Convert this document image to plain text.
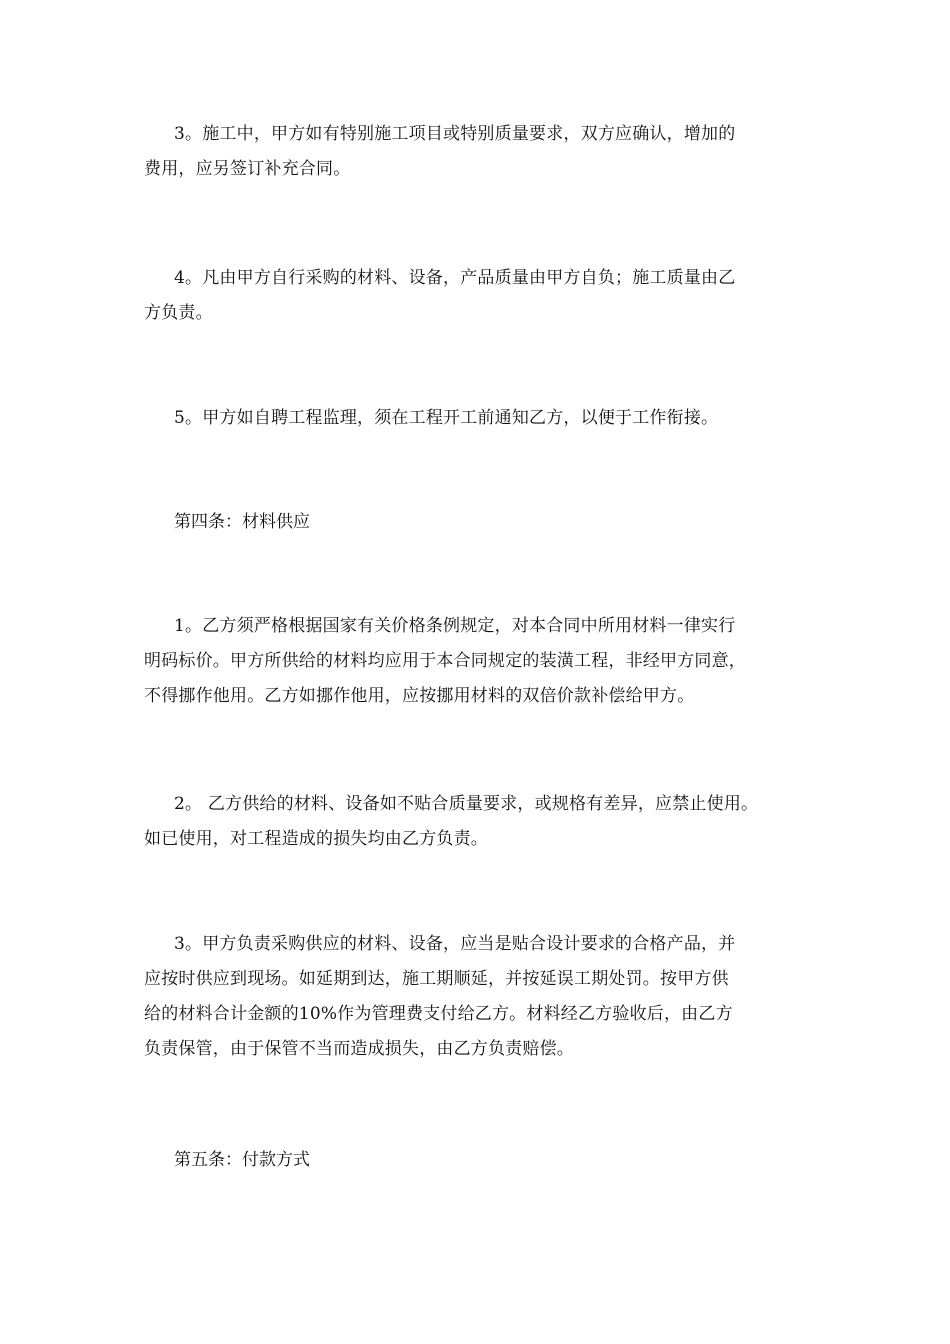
3。施工中，甲方如有特别施工项目或特别质量要求，双方应确认，增加的
费用，应另签订补充合同。

4。凡由甲方自行采购的材料、设备，产品质量由甲方自负；施工质量由乙
方负责。

5。甲方如自聘工程监理，须在工程开工前通知乙方，以便于工作衔接。

第四条：材料供应

1。乙方须严格根据国家有关价格条例规定，对本合同中所用材料一律实行
明码标价。甲方所供给的材料均应用于本合同规定的装潢工程，非经甲方同意，
不得挪作他用。乙方如挪作他用，应按挪用材料的双倍价款补偿给甲方。

2。 乙方供给的材料、设备如不贴合质量要求，或规格有差异，应禁止使用。
如已使用，对工程造成的损失均由乙方负责。

3。甲方负责采购供应的材料、设备，应当是贴合设计要求的合格产品，并
应按时供应到现场。如延期到达，施工期顺延，并按延误工期处罚。按甲方供
给的材料合计金额的10%作为管理费支付给乙方。材料经乙方验收后，由乙方
负责保管，由于保管不当而造成损失，由乙方负责赔偿。

第五条：付款方式
